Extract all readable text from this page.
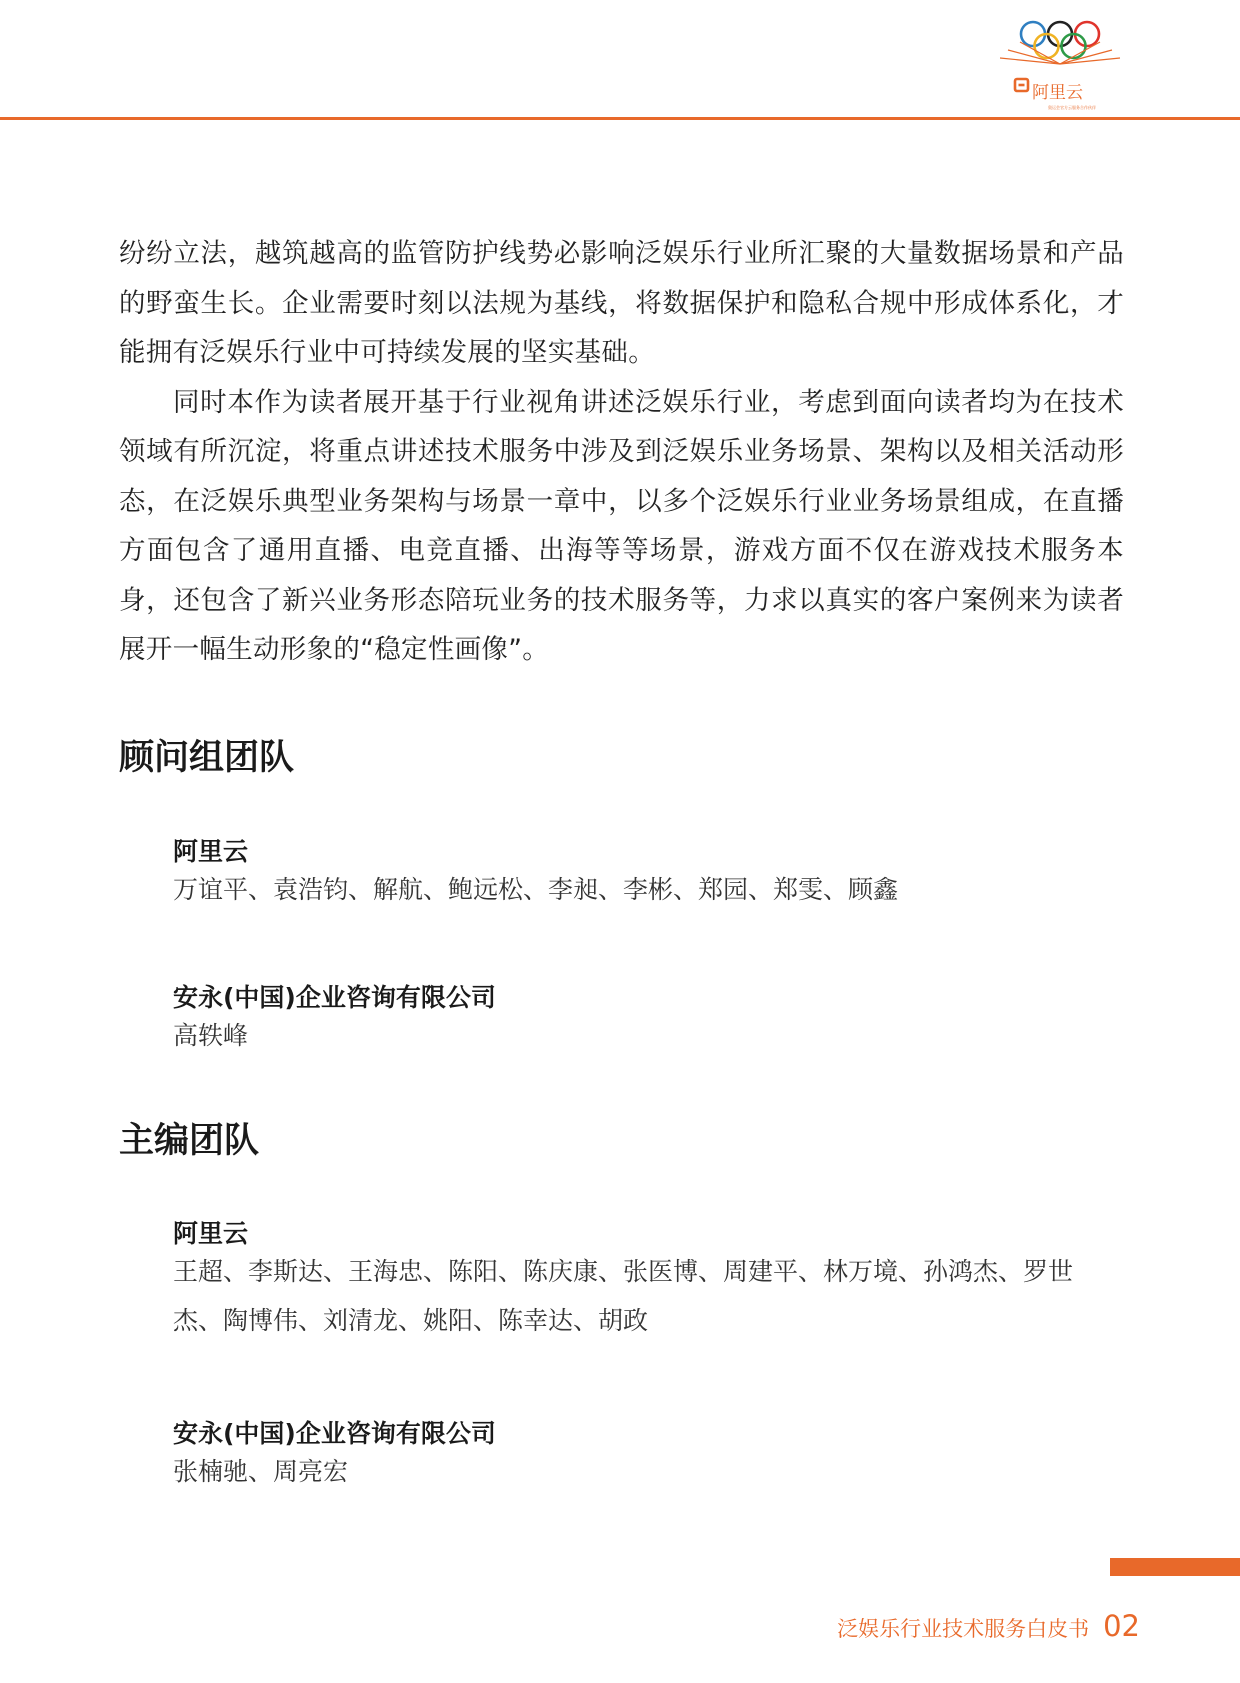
阿里云
奥运会官方云服务合作伙伴

纷纷立法，越筑越高的监管防护线势必影响泛娱乐行业所汇聚的大量数据场景和产品的野蛮生长。企业需要时刻以法规为基线，将数据保护和隐私合规中形成体系化，才能拥有泛娱乐行业中可持续发展的坚实基础。

同时本作为读者展开基于行业视角讲述泛娱乐行业，考虑到面向读者均为在技术领域有所沉淀，将重点讲述技术服务中涉及到泛娱乐业务场景、架构以及相关活动形态，在泛娱乐典型业务架构与场景一章中，以多个泛娱乐行业业务场景组成，在直播方面包含了通用直播、电竞直播、出海等等场景，游戏方面不仅在游戏技术服务本身，还包含了新兴业务形态陪玩业务的技术服务等，力求以真实的客户案例来为读者展开一幅生动形象的“稳定性画像”。

顾问组团队

阿里云

万谊平、袁浩钧、解航、鲍远松、李昶、李彬、郑园、郑雯、顾鑫

安永(中国)企业咨询有限公司

高轶峰

主编团队

阿里云

王超、李斯达、王海忠、陈阳、陈庆康、张医博、周建平、林万境、孙鸿杰、罗世杰、陶博伟、刘清龙、姚阳、陈幸达、胡政

安永(中国)企业咨询有限公司

张楠驰、周亮宏

泛娱乐行业技术服务白皮书 02
